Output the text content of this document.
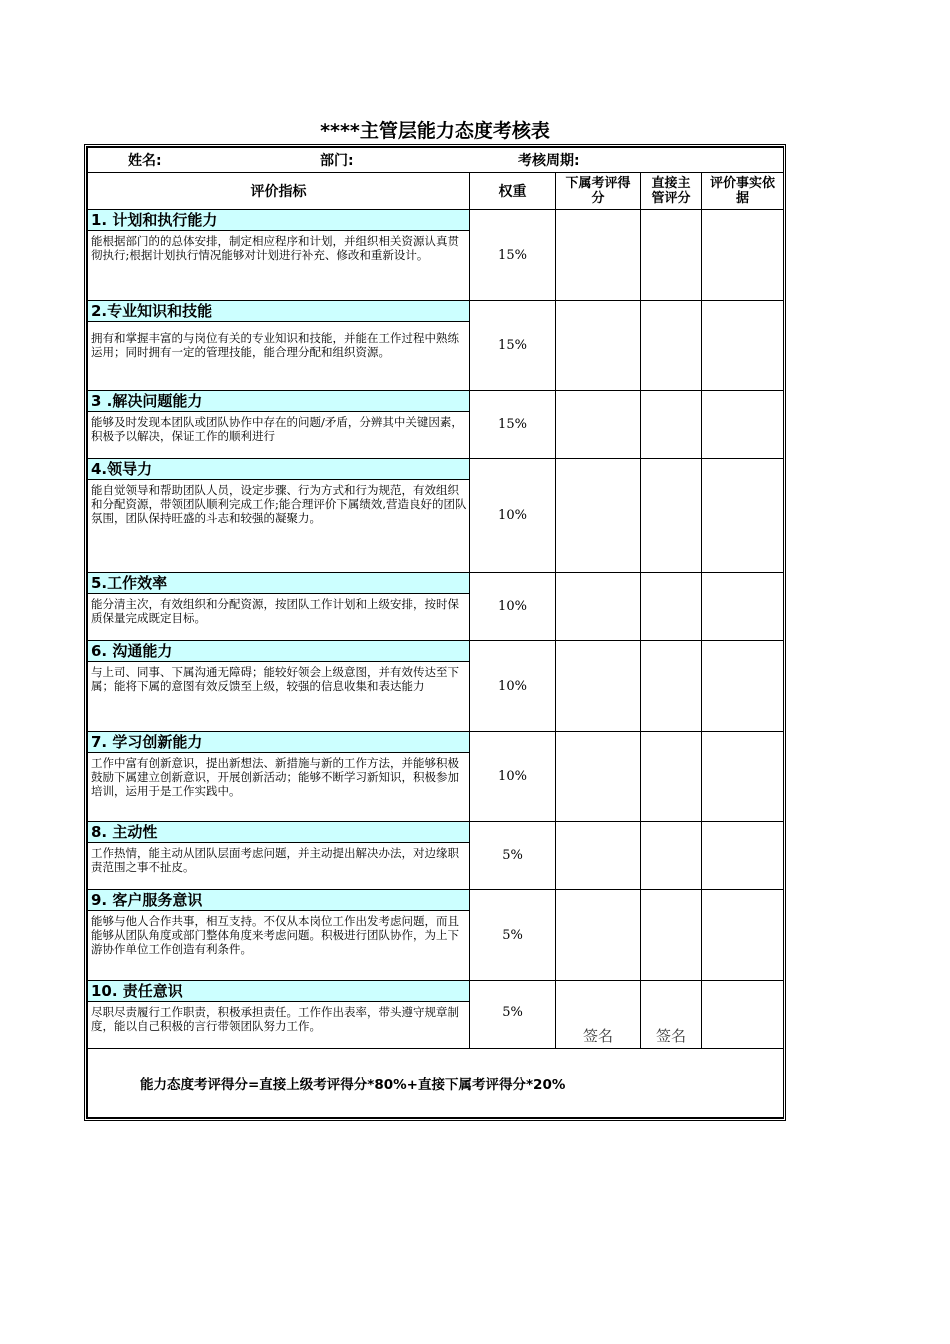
****主管层能力态度考核表
姓名: 部门: 考核周期:				

评价指标	权重	下属考评得分	直接主管评分	评价事实依据

1. 计划和执行能力
能根据部门的的总体安排，制定相应程序和计划，并组织相关资源认真贯彻执行;根据计划执行情况能够对计划进行补充、修改和重新设计。	15%			

2.专业知识和技能
拥有和掌握丰富的与岗位有关的专业知识和技能，并能在工作过程中熟练运用；同时拥有一定的管理技能，能合理分配和组织资源。	15%			

3 .解决问题能力
能够及时发现本团队或团队协作中存在的问题/矛盾，分辨其中关键因素，积极予以解决，保证工作的顺利进行	15%			

4.领导力
能自觉领导和帮助团队人员，设定步骤、行为方式和行为规范，有效组织和分配资源，带领团队顺利完成工作;能合理评价下属绩效,营造良好的团队氛围，团队保持旺盛的斗志和较强的凝聚力。	10%			

5.工作效率
能分清主次，有效组织和分配资源，按团队工作计划和上级安排，按时保质保量完成既定目标。	10%			

6. 沟通能力
与上司、同事、下属沟通无障碍；能较好领会上级意图，并有效传达至下属；能将下属的意图有效反馈至上级，较强的信息收集和表达能力	10%			

7. 学习创新能力
工作中富有创新意识，提出新想法、新措施与新的工作方法，并能够积极鼓励下属建立创新意识，开展创新活动；能够不断学习新知识，积极参加培训，运用于是工作实践中。	10%			

8. 主动性
工作热情，能主动从团队层面考虑问题，并主动提出解决办法，对边缘职责范围之事不扯皮。	5%			

9. 客户服务意识
能够与他人合作共事，相互支持。不仅从本岗位工作出发考虑问题，而且能够从团队角度或部门整体角度来考虑问题。积极进行团队协作，为上下游协作单位工作创造有利条件。	5%			

10. 责任意识
尽职尽责履行工作职责，积极承担责任。工作作出表率，带头遵守规章制度，能以自己积极的言行带领团队努力工作。	5%	签名	签名	
能力态度考评得分=直接上级考评得分*80%+直接下属考评得分*20%				
